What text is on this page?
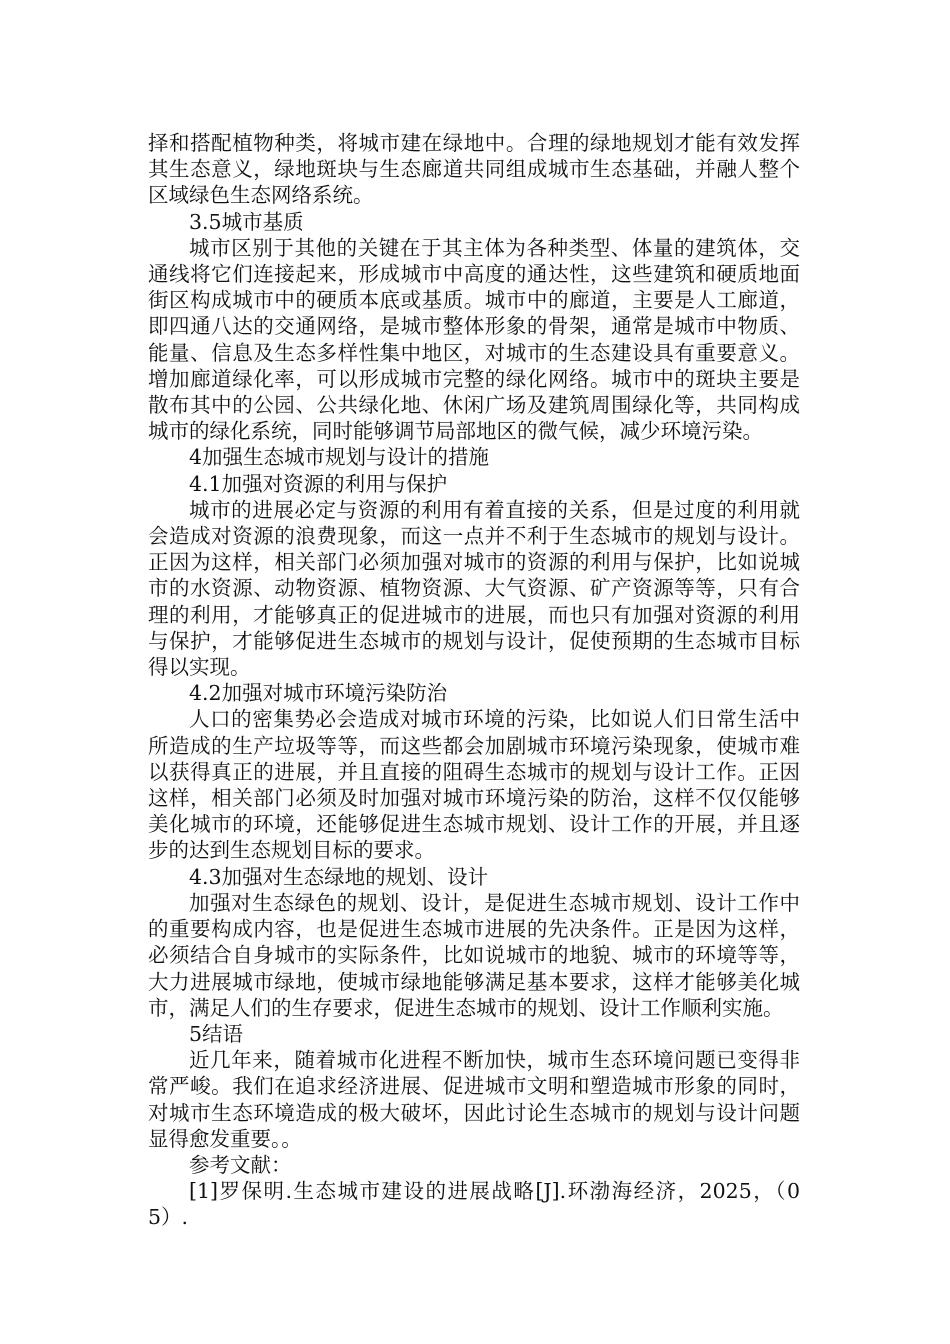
择和搭配植物种类，将城市建在绿地中。合理的绿地规划才能有效发挥其生态意义，绿地斑块与生态廊道共同组成城市生态基础，并融人整个区域绿色生态网络系统。

3.5城市基质

城市区别于其他的关键在于其主体为各种类型、体量的建筑体，交通线将它们连接起来，形成城市中高度的通达性，这些建筑和硬质地面街区构成城市中的硬质本底或基质。城市中的廊道，主要是人工廊道，即四通八达的交通网络，是城市整体形象的骨架，通常是城市中物质、能量、信息及生态多样性集中地区，对城市的生态建设具有重要意义。增加廊道绿化率，可以形成城市完整的绿化网络。城市中的斑块主要是散布其中的公园、公共绿化地、休闲广场及建筑周围绿化等，共同构成城市的绿化系统，同时能够调节局部地区的微气候，减少环境污染。

4加强生态城市规划与设计的措施

4.1加强对资源的利用与保护

城市的进展必定与资源的利用有着直接的关系，但是过度的利用就会造成对资源的浪费现象，而这一点并不利于生态城市的规划与设计。正因为这样，相关部门必须加强对城市的资源的利用与保护，比如说城市的水资源、动物资源、植物资源、大气资源、矿产资源等等，只有合理的利用，才能够真正的促进城市的进展，而也只有加强对资源的利用与保护，才能够促进生态城市的规划与设计，促使预期的生态城市目标得以实现。

4.2加强对城市环境污染防治

人口的密集势必会造成对城市环境的污染，比如说人们日常生活中所造成的生产垃圾等等，而这些都会加剧城市环境污染现象，使城市难以获得真正的进展，并且直接的阻碍生态城市的规划与设计工作。正因这样，相关部门必须及时加强对城市环境污染的防治，这样不仅仅能够美化城市的环境，还能够促进生态城市规划、设计工作的开展，并且逐步的达到生态规划目标的要求。

4.3加强对生态绿地的规划、设计

加强对生态绿色的规划、设计，是促进生态城市规划、设计工作中的重要构成内容，也是促进生态城市进展的先决条件。正是因为这样，必须结合自身城市的实际条件，比如说城市的地貌、城市的环境等等，大力进展城市绿地，使城市绿地能够满足基本要求，这样才能够美化城市，满足人们的生存要求，促进生态城市的规划、设计工作顺利实施。

5结语

近几年来，随着城市化进程不断加快，城市生态环境问题已变得非常严峻。我们在追求经济进展、促进城市文明和塑造城市形象的同时，对城市生态环境造成的极大破坏，因此讨论生态城市的规划与设计问题显得愈发重要。。

参考文献：

[1]罗保明.生态城市建设的进展战略[J].环渤海经济，2025，（05）.
